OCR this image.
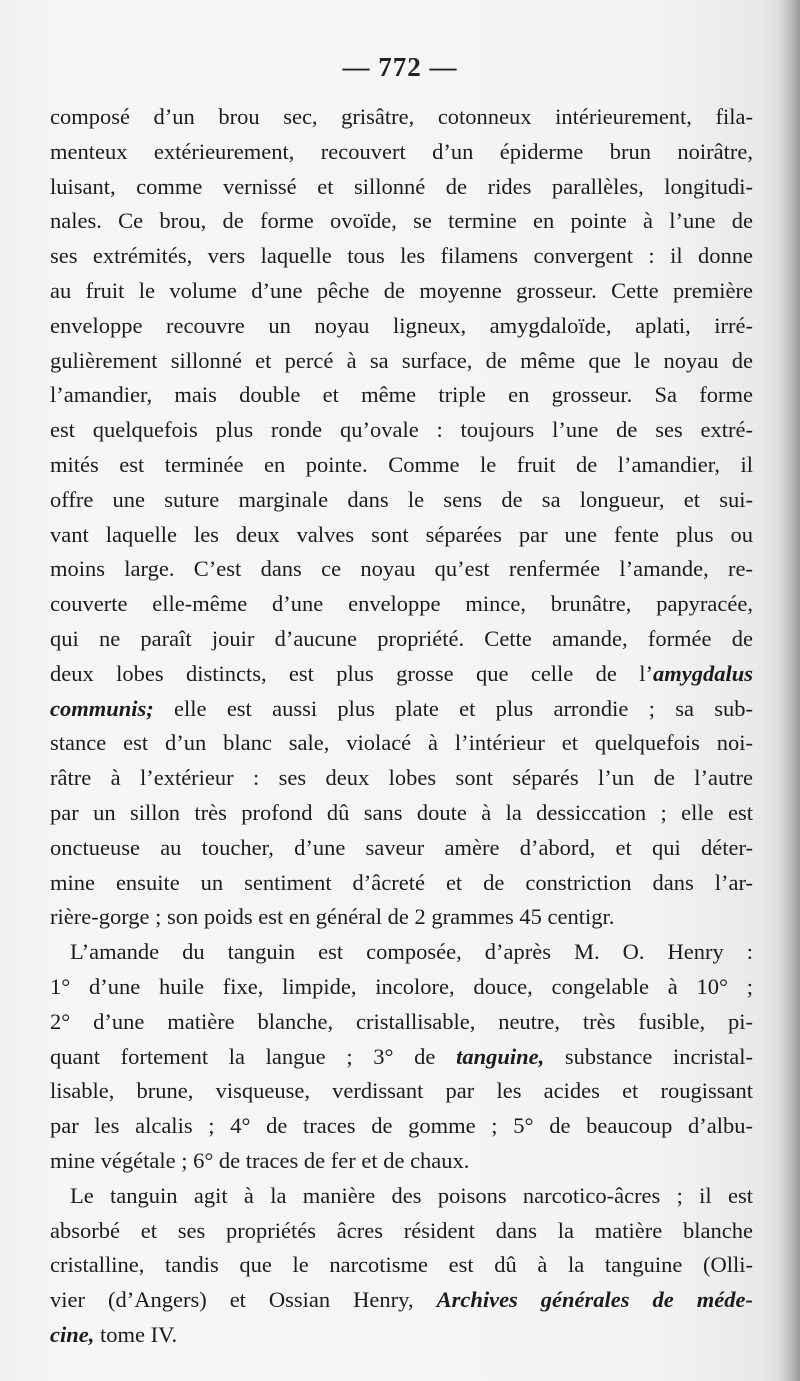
— 772 —
composé d’un brou sec, grisâtre, cotonneux intérieurement, fila-
menteux extérieurement, recouvert d’un épiderme brun noirâtre,
luisant, comme vernissé et sillonné de rides parallèles, longitudi-
nales. Ce brou, de forme ovoïde, se termine en pointe à l’une de
ses extrémités, vers laquelle tous les filamens convergent : il donne
au fruit le volume d’une pêche de moyenne grosseur. Cette première
enveloppe recouvre un noyau ligneux, amygdaloïde, aplati, irré-
gulièrement sillonné et percé à sa surface, de même que le noyau de
l’amandier, mais double et même triple en grosseur. Sa forme
est quelquefois plus ronde qu’ovale : toujours l’une de ses extré-
mités est terminée en pointe. Comme le fruit de l’amandier, il
offre une suture marginale dans le sens de sa longueur, et sui-
vant laquelle les deux valves sont séparées par une fente plus ou
moins large. C’est dans ce noyau qu’est renfermée l’amande, re-
couverte elle-même d’une enveloppe mince, brunâtre, papyracée,
qui ne paraît jouir d’aucune propriété. Cette amande, formée de
deux lobes distincts, est plus grosse que celle de l’amygdalus
communis; elle est aussi plus plate et plus arrondie ; sa sub-
stance est d’un blanc sale, violacé à l’intérieur et quelquefois noi-
râtre à l’extérieur : ses deux lobes sont séparés l’un de l’autre
par un sillon très profond dû sans doute à la dessiccation ; elle est
onctueuse au toucher, d’une saveur amère d’abord, et qui déter-
mine ensuite un sentiment d’âcreté et de constriction dans l’ar-
rière-gorge ; son poids est en général de 2 grammes 45 centigr.
L’amande du tanguin est composée, d’après M. O. Henry :
1° d’une huile fixe, limpide, incolore, douce, congelable à 10° ;
2° d’une matière blanche, cristallisable, neutre, très fusible, pi-
quant fortement la langue ; 3° de tanguine, substance incristal-
lisable, brune, visqueuse, verdissant par les acides et rougissant
par les alcalis ; 4° de traces de gomme ; 5° de beaucoup d’albu-
mine végétale ; 6° de traces de fer et de chaux.
Le tanguin agit à la manière des poisons narcotico-âcres ; il est
absorbé et ses propriétés âcres résident dans la matière blanche
cristalline, tandis que le narcotisme est dû à la tanguine (Olli-
vier (d’Angers) et Ossian Henry, Archives générales de méde-
cine, tome IV.
